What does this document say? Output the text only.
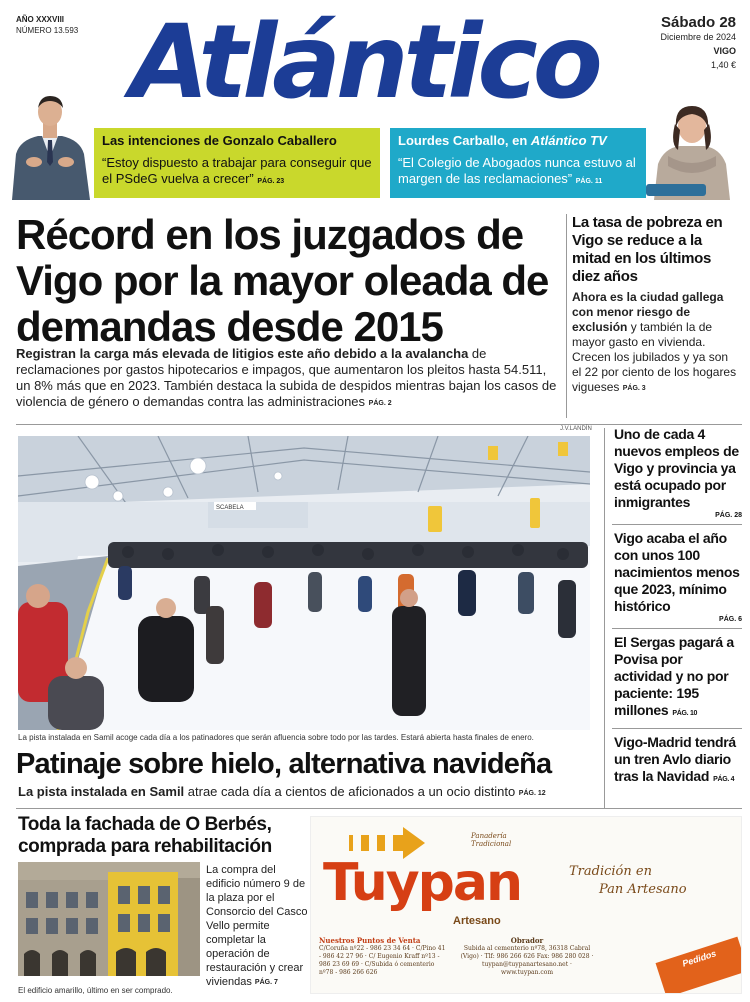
AÑO XXXVIII
NÚMERO 13.593 Atlántico	Sábado 28
Diciembre de 2024
VIGO
1,40 €
Las intenciones de Gonzalo Caballero

“Estoy dispuesto a trabajar para conseguir que el PSdeG vuelva a crecer” PÁG. 23

Lourdes Carballo, en Atlántico TV

“El Colegio de Abogados nunca estuvo al margen de las reclamaciones” PÁG. 11

Récord en los juzgados de Vigo por la mayor oleada de demandas desde 2015
Registran la carga más elevada de litigios este año debido a la avalancha de reclamaciones por gastos hipotecarios e impagos, que aumentaron los pleitos hasta 54.511, un 8% más que en 2023. También destaca la subida de despidos mientras bajan los casos de violencia de género o demandas contra las administraciones PÁG. 2
La tasa de pobreza en Vigo se reduce a la mitad en los últimos diez años
Ahora es la ciudad gallega con menor riesgo de exclusión y también la de mayor gasto en vivienda. Crecen los jubilados y ya son el 22 por ciento de los hogares vigueses PÁG. 3
Uno de cada 4 nuevos empleos de Vigo y provincia ya está ocupado por inmigrantes
PÁG. 28
Vigo acaba el año con unos 100 nacimientos menos que 2023, mínimo histórico
PÁG. 6
El Sergas pagará a Povisa por actividad y no por paciente: 195 millones PÁG. 10
Vigo-Madrid tendrá un tren Avlo diario tras la Navidad PÁG. 4
J.V.LANDÍN
SCABELA
La pista instalada en Samil acoge cada día a los patinadores que serán afluencia sobre todo por las tardes. Estará abierta hasta finales de enero.
Patinaje sobre hielo, alternativa navideña
La pista instalada en Samil atrae cada día a cientos de aficionados a un ocio distinto PÁG. 12
Toda la fachada de O Berbés, comprada para rehabilitación
La compra del edificio número 9 de la plaza por el Consorcio del Casco Vello permite completar la operación de restauración y crear viviendas PÁG. 7
El edificio amarillo, último en ser comprado.
Panadería Tradicional
Tuypan
Artesano
Tradición en
Pan Artesano
Nuestros Puntos de Venta
C/Coruña nº22 - 986 23 34 64 · C/Pino 41 - 986 42 27 96 · C/ Eugenio Kraff nº13 - 986 23 69 69 · C/Subida ó cementerio nº78 - 986 266 626
Obrador
Subida al cementerio nº78, 36318 Cabral (Vigo) · Tlf: 986 266 626 Fax: 986 280 028 · tuypan@tuypanartesano.net · www.tuypan.com
Pedidos
